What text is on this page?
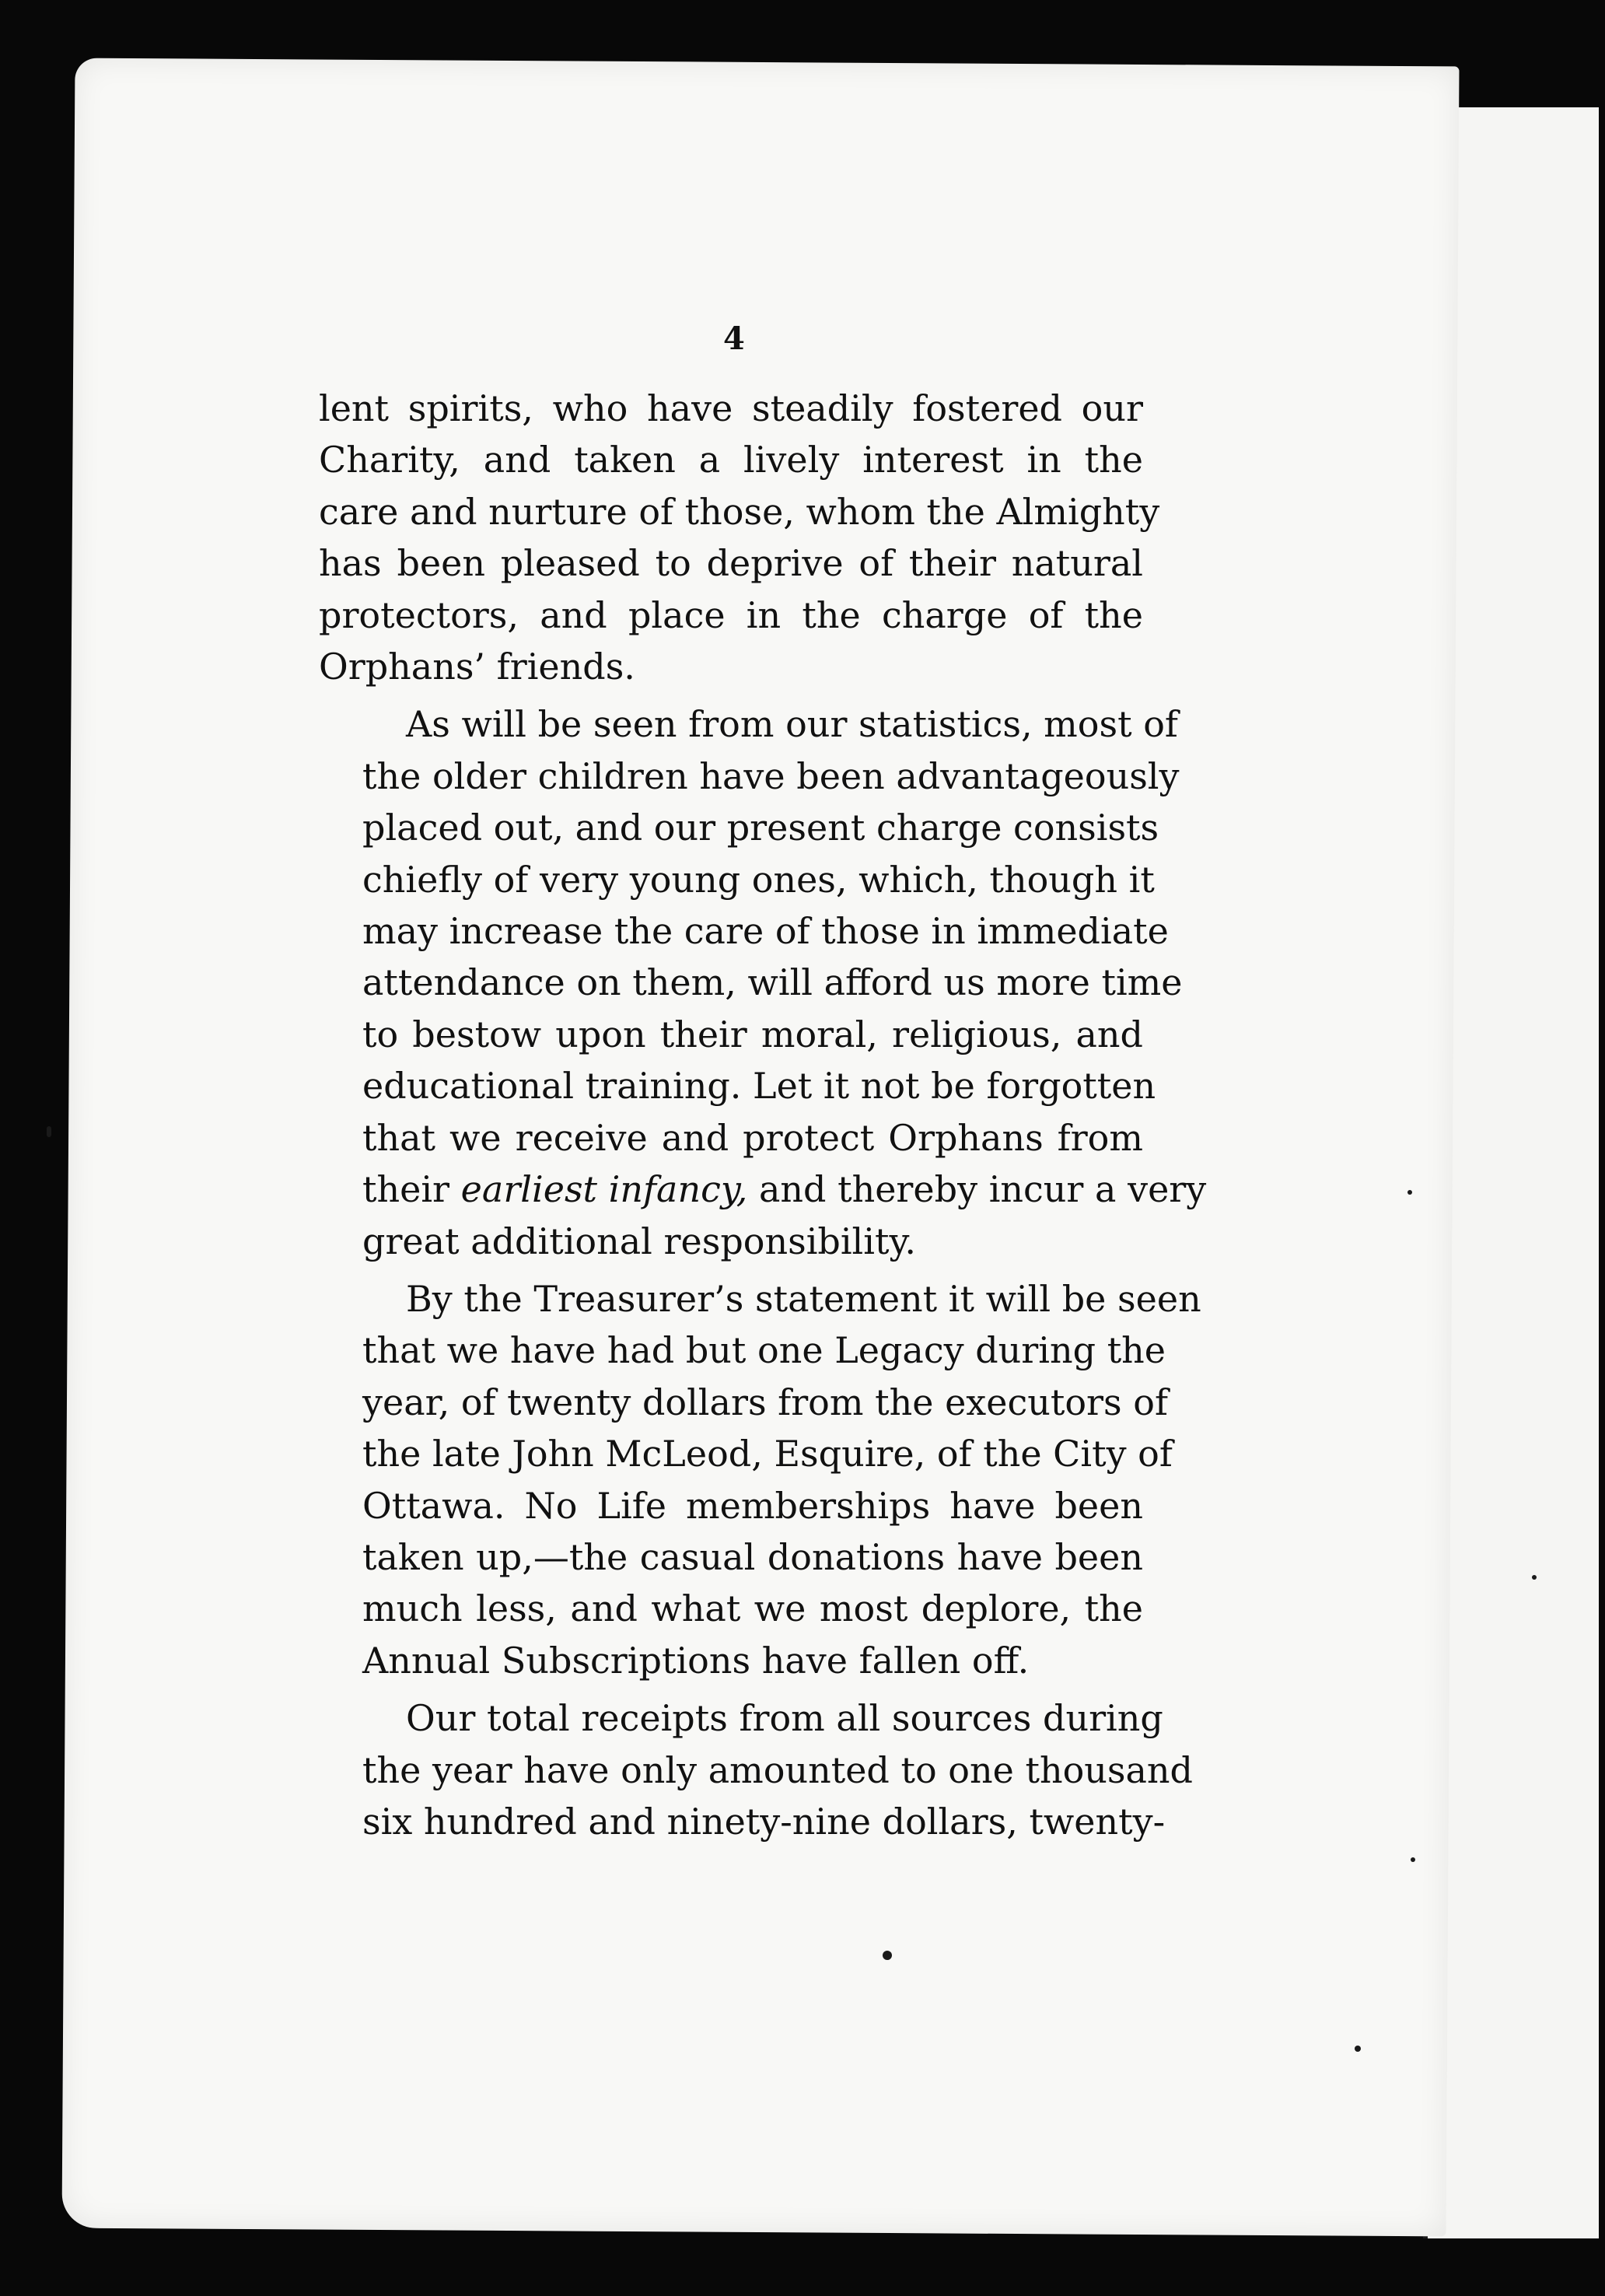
4

lent spirits, who have steadily fostered our
Charity, and taken a lively interest in the
care and nurture of those, whom the Almighty
has been pleased to deprive of their natural
protectors, and place in the charge of the
Orphans’ friends.

As will be seen from our statistics, most of
the older children have been advantageously
placed out, and our present charge consists
chiefly of very young ones, which, though it
may increase the care of those in immediate
attendance on them, will afford us more time
to bestow upon their moral, religious, and
educational training. Let it not be forgotten
that we receive and protect Orphans from
their earliest infancy, and thereby incur a very
great additional responsibility.

By the Treasurer’s statement it will be seen
that we have had but one Legacy during the
year, of twenty dollars from the executors of
the late John McLeod, Esquire, of the City of
Ottawa. No Life memberships have been
taken up,—the casual donations have been
much less, and what we most deplore, the
Annual Subscriptions have fallen off.

Our total receipts from all sources during
the year have only amounted to one thousand
six hundred and ninety-nine dollars, twenty-
